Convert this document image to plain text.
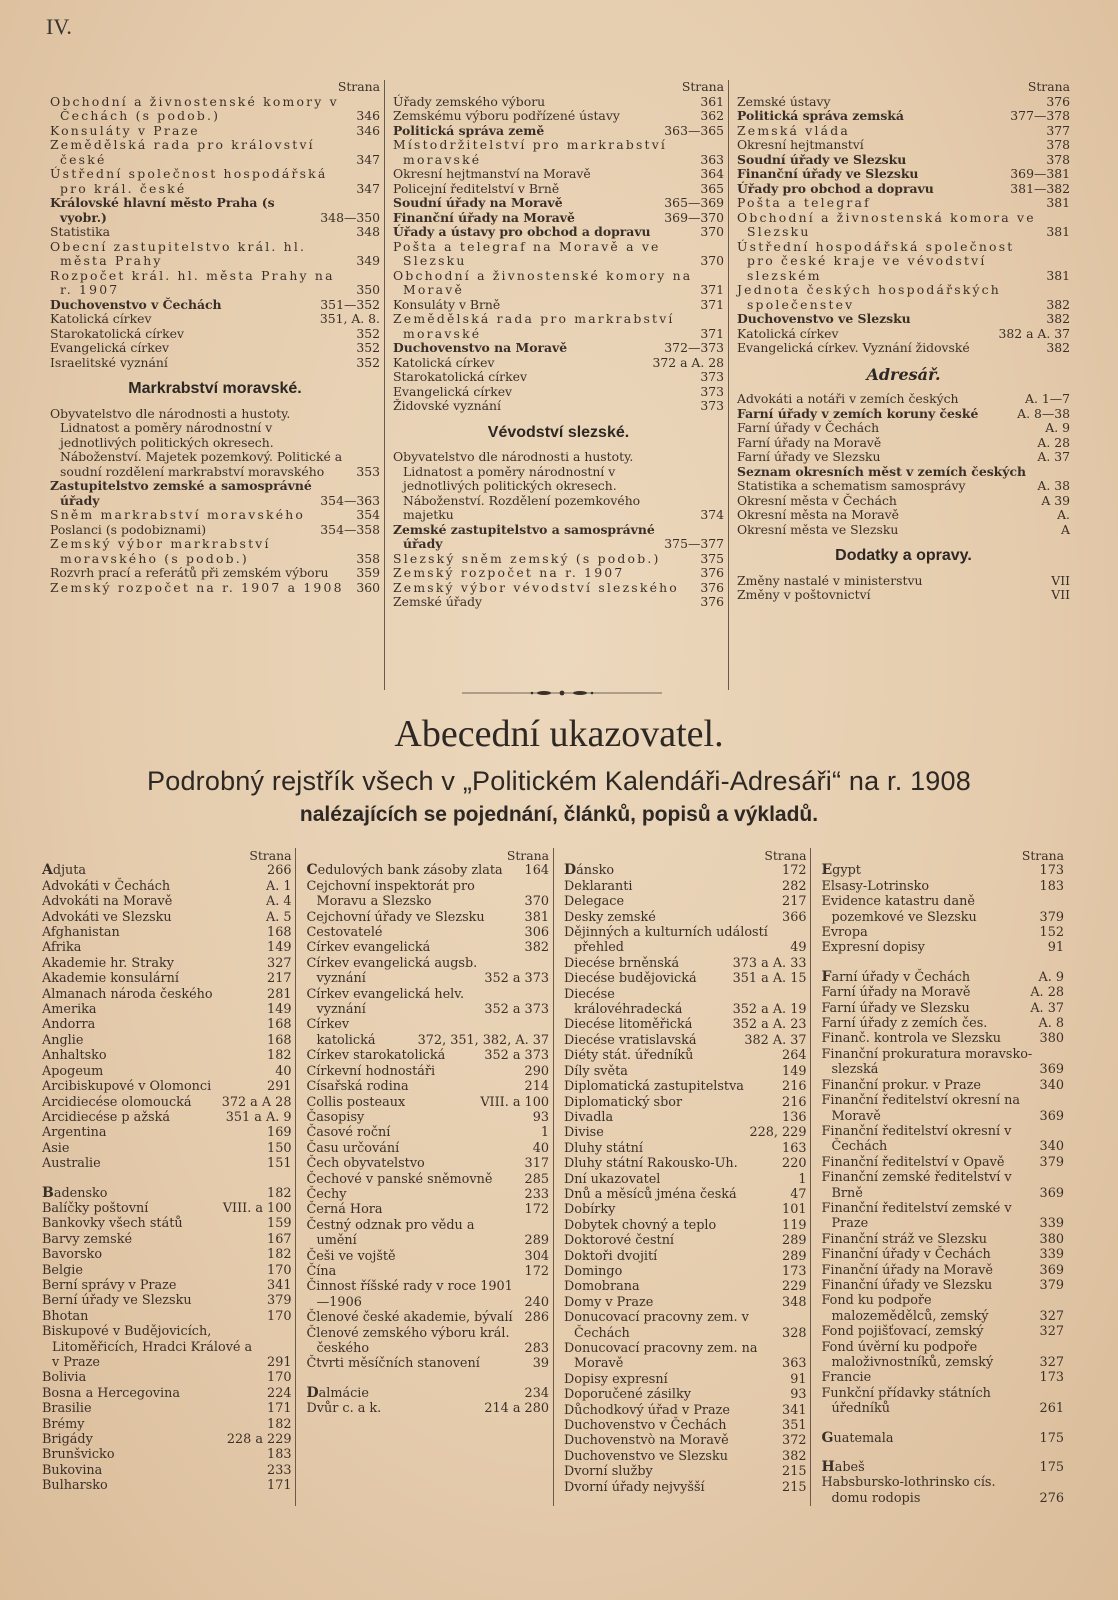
IV.
Strana
Obchodní a živnostenské komory v Čechách (s podob.)	346
Konsuláty v Praze	346
Zemědělská rada pro království české	347
Ústřední společnost hospodářská pro král. české	347
Královské hlavní město Praha (s vyobr.)	348—350
Statistika	348
Obecní zastupitelstvo král. hl. města Prahy	349
Rozpočet král. hl. města Prahy na r. 1907	350
Duchovenstvo v Čechách	351—352
Katolická církev	351, A. 8.
Starokatolická církev	352
Evangelická církev	352
Israelitské vyznání	352
Markrabství moravské.
Obyvatelstvo dle národnosti a hustoty. Lidnatost a poměry národnostní v jednotlivých politických okresech. Náboženství. Majetek pozemkový. Politické a soudní rozdělení markrabství moravského	353
Zastupitelstvo zemské a samosprávné úřady	354—363
Sněm markrabství moravského	354
Poslanci (s podobiznami)	354—358
Zemský výbor markrabství moravského (s podob.)	358
Rozvrh prací a referátů při zemském výboru	359
Zemský rozpočet na r. 1907 a 1908	360
Strana
Úřady zemského výboru	361
Zemskému výboru podřízené ústavy	362
Politická správa země	363—365
Místodržitelství pro markrabství moravské	363
Okresní hejtmanství na Moravě	364
Policejní ředitelství v Brně	365
Soudní úřady na Moravě	365—369
Finanční úřady na Moravě	369—370
Úřady a ústavy pro obchod a dopravu	370
Pošta a telegraf na Moravě a ve Slezsku	370
Obchodní a živnostenské komory na Moravě	371
Konsuláty v Brně	371
Zemědělská rada pro markrabství moravské	371
Duchovenstvo na Moravě	372—373
Katolická církev	372 a A. 28
Starokatolická církev	373
Evangelická církev	373
Židovské vyznání	373
Vévodství slezské.
Obyvatelstvo dle národnosti a hustoty. Lidnatost a poměry národnostní v jednotlivých politických okresech. Náboženství. Rozdělení pozemkového majetku	374
Zemské zastupitelstvo a samosprávné úřady	375—377
Slezský sněm zemský (s podob.)	375
Zemský rozpočet na r. 1907	376
Zemský výbor vévodství slezského	376
Zemské úřady	376
Strana
Zemské ústavy	376
Politická správa zemská	377—378
Zemská vláda	377
Okresní hejtmanství	378
Soudní úřady ve Slezsku	378
Finanční úřady ve Slezsku	369—381
Úřady pro obchod a dopravu	381—382
Pošta a telegraf	381
Obchodní a živnostenská komora ve Slezsku	381
Ústřední hospodářská společnost pro české kraje ve vévodství slezském	381
Jednota českých hospodářských společenstev	382
Duchovenstvo ve Slezsku	382
Katolická církev	382 a A. 37
Evangelická církev. Vyznání židovské	382
Adresář.
Advokáti a notáři v zemích českých	A. 1—7
Farní úřady v zemích koruny české	A. 8—38
Farní úřady v Čechách	A. 9
Farní úřady na Moravě	A. 28
Farní úřady ve Slezsku	A. 37
Seznam okresních měst v zemích českých
Statistika a schematism samosprávy	A. 38
Okresní města v Čechách	A 39
Okresní města na Moravě	A.
Okresní města ve Slezsku	A
Dodatky a opravy.
Změny nastalé v ministerstvu	VII
Změny v poštovnictví	VII
Abecední ukazovatel.
Podrobný rejstřík všech v „Politickém Kalendáři-Adresáři“ na r. 1908
nalézajících se pojednání, článků, popisů a výkladů.
Strana
Adjuta	266
Advokáti v Čechách	A. 1
Advokáti na Moravě	A. 4
Advokáti ve Slezsku	A. 5
Afghanistan	168
Afrika	149
Akademie hr. Straky	327
Akademie konsulární	217
Almanach národa českého	281
Amerika	149
Andorra	168
Anglie	168
Anhaltsko	182
Apogeum	40
Arcibiskupové v Olomonci	291
Arcidiecése olomoucká	372 a A 28
Arcidiecése p ažská	351 a A. 9
Argentina	169
Asie	150
Australie	151
Badensko	182
Balíčky poštovní	VIII. a 100
Bankovky všech států	159
Barvy zemské	167
Bavorsko	182
Belgie	170
Berní správy v Praze	341
Berní úřady ve Slezsku	379
Bhotan	170
Biskupové v Budějovicích, Litoměřicích, Hradci Králové a v Praze	291
Bolivia	170
Bosna a Hercegovina	224
Brasilie	171
Brémy	182
Brigády	228 a 229
Brunšvicko	183
Bukovina	233
Bulharsko	171
Strana
Cedulových bank zásoby zlata	164
Cejchovní inspektorát pro Moravu a Slezsko	370
Cejchovní úřady ve Slezsku	381
Cestovatelé	306
Církev evangelická	382
Církev evangelická augsb. vyznání	352 a 373
Církev evangelická helv. vyznání	352 a 373
Církev katolická	372, 351, 382, A. 37
Církev starokatolická	352 a 373
Církevní hodnostáři	290
Císařská rodina	214
Collis posteaux	VIII. a 100
Časopisy	93
Časové roční	1
Času určování	40
Čech obyvatelstvo	317
Čechové v panské sněmovně	285
Čechy	233
Černá Hora	172
Čestný odznak pro vědu a umění	289
Češi ve vojště	304
Čína	172
Činnost říšské rady v roce 1901—1906	240
Členové české akademie, bývalí 286
Členové zemského výboru král. českého	283
Čtvrti měsíčních stanovení	39
Dalmácie	234
Dvůr c. a k.	214 a 280
Strana
Dánsko	172
Deklaranti	282
Delegace	217
Desky zemské	366
Dějinných a kulturních událostí přehled	49
Diecése brněnská	373 a A. 33
Diecése budějovická	351 a A. 15
Diecése královéhradecká	352 a A. 19
Diecése litoměřická	352 a A. 23
Diecése vratislavská	382 A. 37
Diéty stát. úředníků	264
Díly světa	149
Diplomatická zastupitelstva	216
Diplomatický sbor	216
Divadla	136
Divise	228, 229
Dluhy státní	163
Dluhy státní Rakousko-Uh.	220
Dní ukazovatel	1
Dnů a měsíců jména česká	47
Dobírky	101
Dobytek chovný a teplo	119
Doktorové čestní	289
Doktoři dvojití	289
Domingo	173
Domobrana	229
Domy v Praze	348
Donucovací pracovny zem. v Čechách	328
Donucovací pracovny zem. na Moravě	363
Dopisy expresní	91
Doporučené zásilky	93
Důchodkový úřad v Praze	341
Duchovenstvo v Čechách	351
Duchovenstvò na Moravě	372
Duchovenstvo ve Slezsku	382
Dvorní služby	215
Dvorní úřady nejvyšší	215
Strana
Egypt	173
Elsasy-Lotrinsko	183
Evidence katastru daně pozemkové ve Slezsku	379
Evropa	152
Expresní dopisy	91
Farní úřady v Čechách	A. 9
Farní úřady na Moravě	A. 28
Farní úřady ve Slezsku	A. 37
Farní úřady z zemích čes.	A. 8
Finanč. kontrola ve Slezsku	380
Finanční prokuratura moravsko-slezská	369
Finanční prokur. v Praze	340
Finanční ředitelství okresní na Moravě	369
Finanční ředitelství okresní v Čechách	340
Finanční ředitelství v Opavě	379
Finanční zemské ředitelství v Brně	369
Finanční ředitelství zemské v Praze	339
Finanční stráž ve Slezsku	380
Finanční úřady v Čechách	339
Finanční úřady na Moravě	369
Finanční úřady ve Slezsku	379
Fond ku podpoře malozemědělců, zemský	327
Fond pojišťovací, zemský	327
Fond úvěrní ku podpoře maloživnostníků, zemský	327
Francie	173
Funkční přídavky státních úředníků	261
Guatemala	175
Habeš	175
Habsbursko-lothrinsko cís. domu rodopis	276
